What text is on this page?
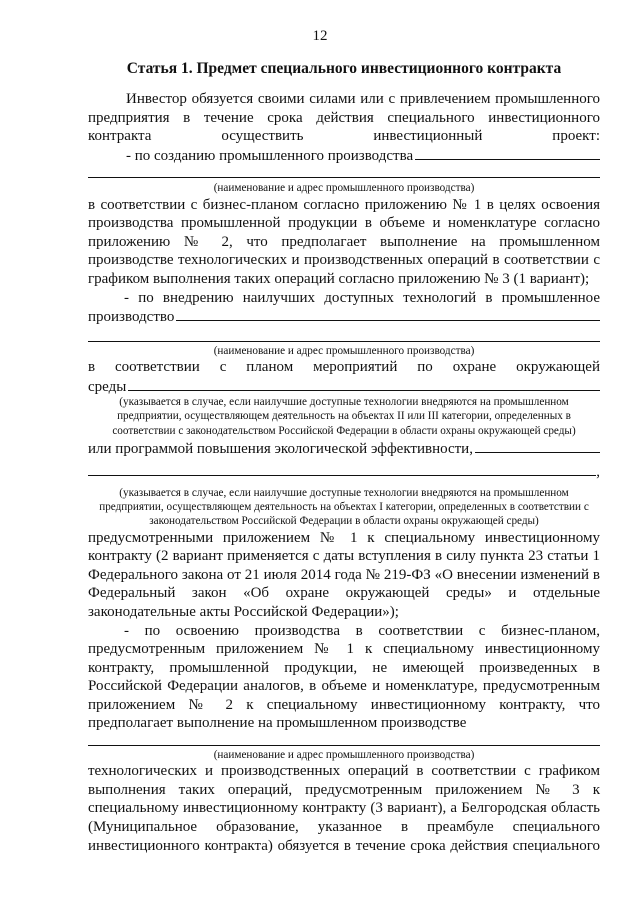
12
Статья 1. Предмет специального инвестиционного контракта

Инвестор обязуется своими силами или с привлечением промышленного предприятия в течение срока действия специального инвестиционного контракта осуществить инвестиционный проект:

- по созданию промышленного производства

(наименование и адрес промышленного производства)

в соответствии с бизнес-планом согласно приложению № 1 в целях освоения производства промышленной продукции в объеме и номенклатуре согласно приложению № 2, что предполагает выполнение на промышленном производстве технологических и производственных операций в соответствии с графиком выполнения таких операций согласно приложению № 3 (1 вариант);

- по внедрению наилучших доступных технологий в промышленное

производство

(наименование и адрес промышленного производства)

в соответствии с планом мероприятий по охране окружающей

среды

(указывается в случае, если наилучшие доступные технологии внедряются на промышленном предприятии, осуществляющем деятельность на объектах II или III категории, определенных в соответствии с законодательством Российской Федерации в области охраны окружающей среды)

или программой повышения экологической эффективности,
,

(указывается в случае, если наилучшие доступные технологии внедряются на промышленном предприятии, осуществляющем деятельность на объектах I категории, определенных в соответствии с законодательством Российской Федерации в области охраны окружающей среды)

предусмотренными приложением № 1 к специальному инвестиционному контракту (2 вариант применяется с даты вступления в силу пункта 23 статьи 1 Федерального закона от 21 июля 2014 года № 219-ФЗ «О внесении изменений в Федеральный закон «Об охране окружающей среды» и отдельные законодательные акты Российской Федерации»);

- по освоению производства в соответствии с бизнес-планом, предусмотренным приложением № 1 к специальному инвестиционному контракту, промышленной продукции, не имеющей произведенных в Российской Федерации аналогов, в объеме и номенклатуре, предусмотренным приложением № 2 к специальному инвестиционному контракту, что предполагает выполнение на промышленном производстве

(наименование и адрес промышленного производства)

технологических и производственных операций в соответствии с графиком выполнения таких операций, предусмотренным приложением № 3 к специальному инвестиционному контракту (3 вариант), а Белгородская область (Муниципальное образование, указанное в преамбуле специального инвестиционного контракта) обязуется в течение срока действия специального
